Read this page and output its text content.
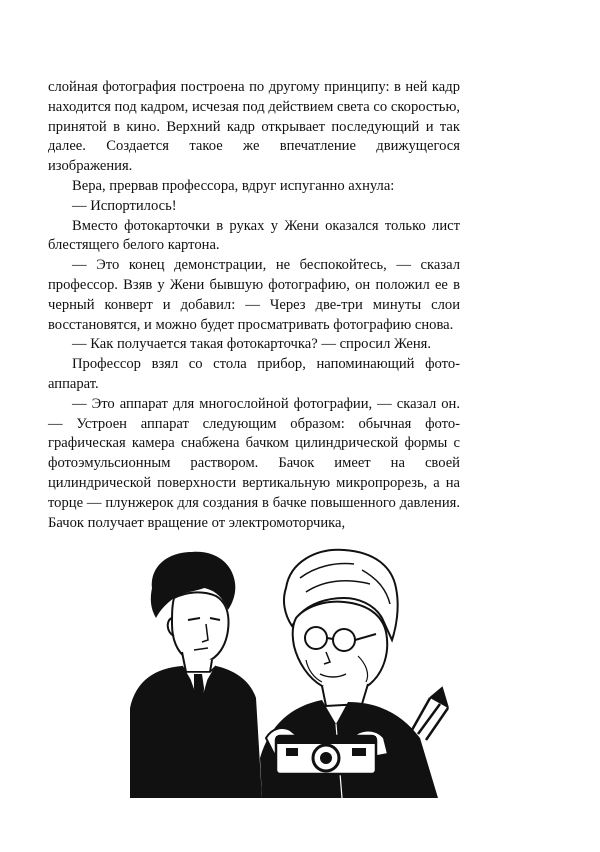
слойная фотография построена по другому принципу: в ней кадр находится под кадром, исчезая под действием света со скоростью, принятой в кино. Верхний кадр открывает последующий и так далее. Создается такое же впечатление движущегося изображения.

Вера, прервав профессора, вдруг испуганно ахнула:

— Испортилось!

Вместо фотокарточки в руках у Жени оказался только лист блестящего белого картона.

— Это конец демонстрации, не беспокойтесь, — сказал профессор. Взяв у Жени бывшую фотографию, он положил ее в черный конверт и добавил: — Через две-три минуты слои восстановятся, и можно будет просматривать фотографию снова.

— Как получается такая фотокарточка? — спросил Женя.

Профессор взял со стола прибор, напоминающий фотоаппарат.

— Это аппарат для многослойной фотографии, — сказал он. — Устроен аппарат следующим образом: обычная фотографическая камера снабжена бачком цилиндрической формы с фотоэмульсионным раствором. Бачок имеет на своей цилиндрической поверхности вертикальную микропрорезь, а на торце — плунжерок для создания в бачке повышенного давления. Бачок получает вращение от электромоторчика,
